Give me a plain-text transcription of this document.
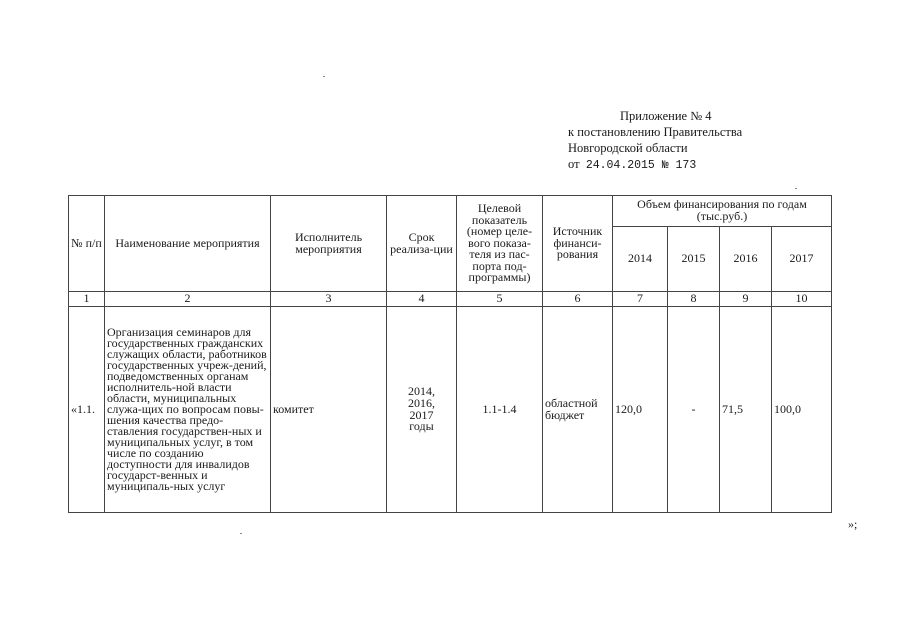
Приложение № 4
к постановлению Правительства
Новгородской области
от 24.04.2015 № 173
№ п/п	Наименование мероприятия	Исполнитель мероприятия	Срок реализа-ции	Целевой показатель (номер целе-вого показа-теля из пас-порта под-программы)	Источник финанси-рования	Объем финансирования по годам (тыс.руб.)			
						2014	2015	2016	2017
1	2	3	4	5	6	7	8	9	10
«1.1.	Организация семинаров для государственных гражданских служащих области, работников государственных учреж-дений, подведомственных органам исполнитель-ной власти области, муниципальных служа-щих по вопросам повы-шения качества предо-ставления государствен-ных и муниципальных услуг, в том числе по созданию доступности для инвалидов государст-венных и муниципаль-ных услуг	комитет	2014, 2016, 2017 годы	1.1-1.4	областной бюджет	120,0	-	71,5	100,0
»;
